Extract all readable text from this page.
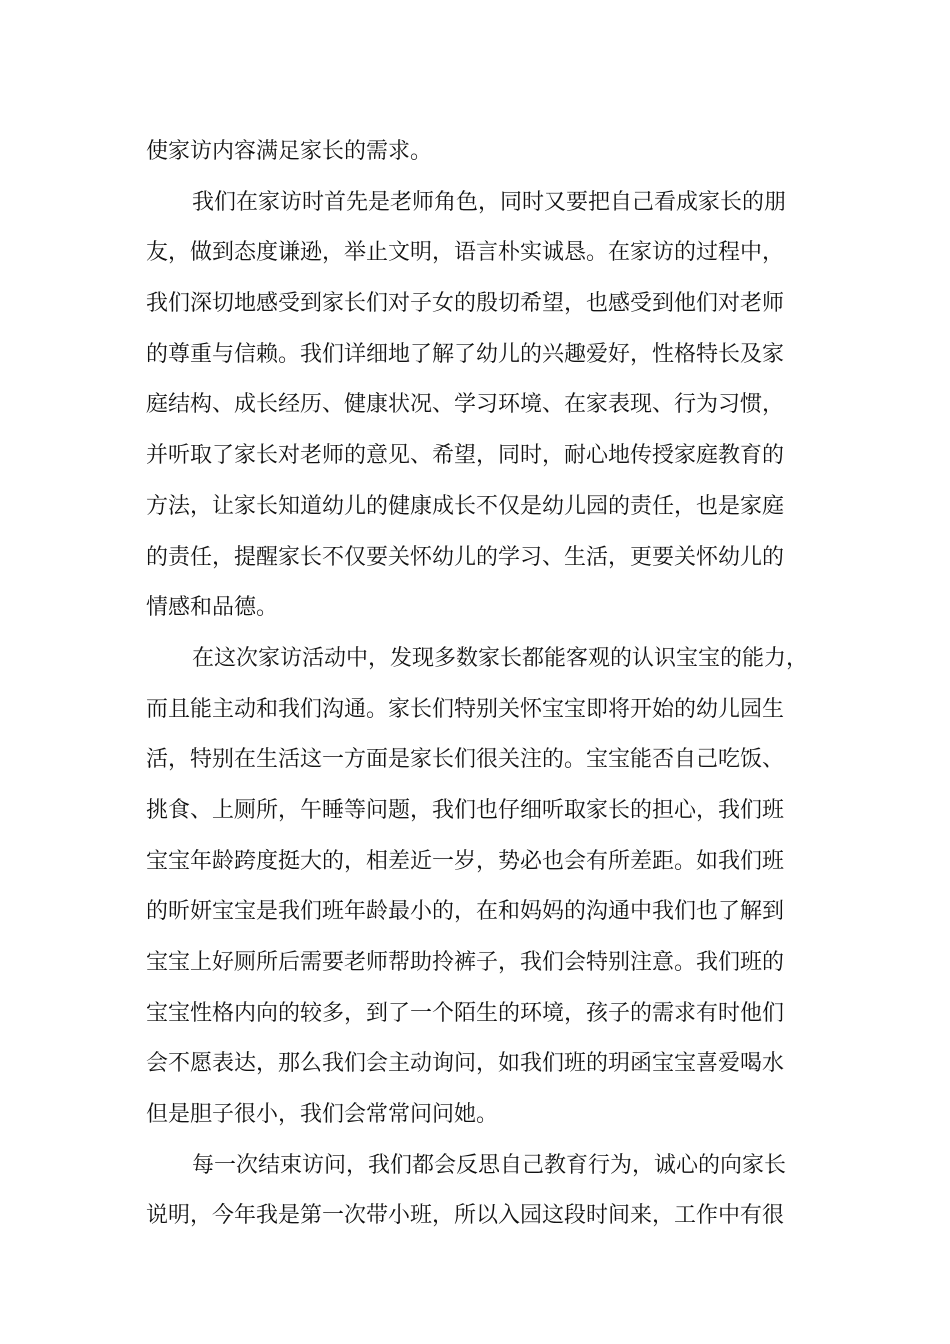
使家访内容满足家长的需求。
我们在家访时首先是老师角色，同时又要把自己看成家长的朋
友，做到态度谦逊，举止文明，语言朴实诚恳。在家访的过程中，
我们深切地感受到家长们对子女的殷切希望，也感受到他们对老师
的尊重与信赖。我们详细地了解了幼儿的兴趣爱好，性格特长及家
庭结构、成长经历、健康状况、学习环境、在家表现、行为习惯，
并听取了家长对老师的意见、希望，同时，耐心地传授家庭教育的
方法，让家长知道幼儿的健康成长不仅是幼儿园的责任，也是家庭
的责任，提醒家长不仅要关怀幼儿的学习、生活，更要关怀幼儿的
情感和品德。
在这次家访活动中，发现多数家长都能客观的认识宝宝的能力，
而且能主动和我们沟通。家长们特别关怀宝宝即将开始的幼儿园生
活，特别在生活这一方面是家长们很关注的。宝宝能否自己吃饭、
挑食、上厕所，午睡等问题，我们也仔细听取家长的担心，我们班
宝宝年龄跨度挺大的，相差近一岁，势必也会有所差距。如我们班
的昕妍宝宝是我们班年龄最小的，在和妈妈的沟通中我们也了解到
宝宝上好厕所后需要老师帮助拎裤子，我们会特别注意。我们班的
宝宝性格内向的较多，到了一个陌生的环境，孩子的需求有时他们
会不愿表达，那么我们会主动询问，如我们班的玥函宝宝喜爱喝水
但是胆子很小，我们会常常问问她。
每一次结束访问，我们都会反思自己教育行为，诚心的向家长
说明，今年我是第一次带小班，所以入园这段时间来，工作中有很
